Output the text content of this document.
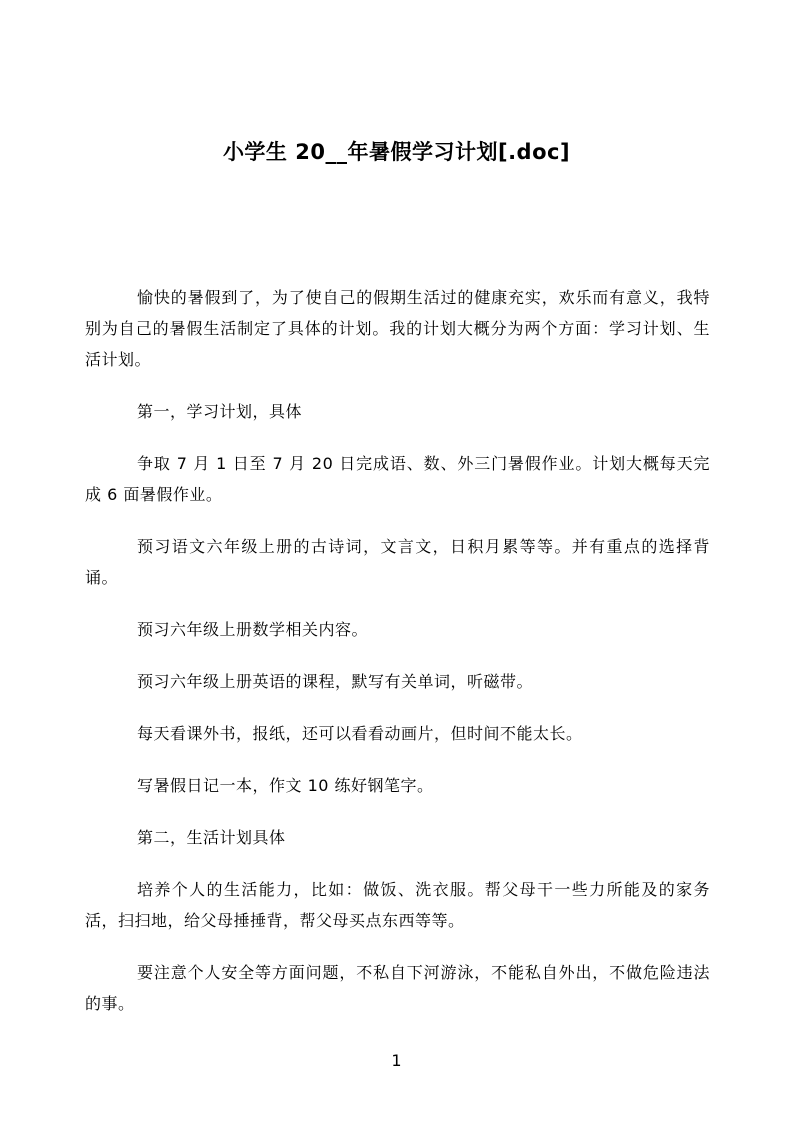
小学生 20__年暑假学习计划[.doc]

愉快的暑假到了，为了使自己的假期生活过的健康充实，欢乐而有意义，我特别为自己的暑假生活制定了具体的计划。我的计划大概分为两个方面：学习计划、生活计划。

第一，学习计划，具体

争取 7 月 1 日至 7 月 20 日完成语、数、外三门暑假作业。计划大概每天完成 6 面暑假作业。

预习语文六年级上册的古诗词，文言文，日积月累等等。并有重点的选择背诵。

预习六年级上册数学相关内容。

预习六年级上册英语的课程，默写有关单词，听磁带。

每天看课外书，报纸，还可以看看动画片，但时间不能太长。

写暑假日记一本，作文 10 练好钢笔字。

第二，生活计划具体

培养个人的生活能力，比如：做饭、洗衣服。帮父母干一些力所能及的家务活，扫扫地，给父母捶捶背，帮父母买点东西等等。

要注意个人安全等方面问题，不私自下河游泳，不能私自外出，不做危险违法的事。

1
